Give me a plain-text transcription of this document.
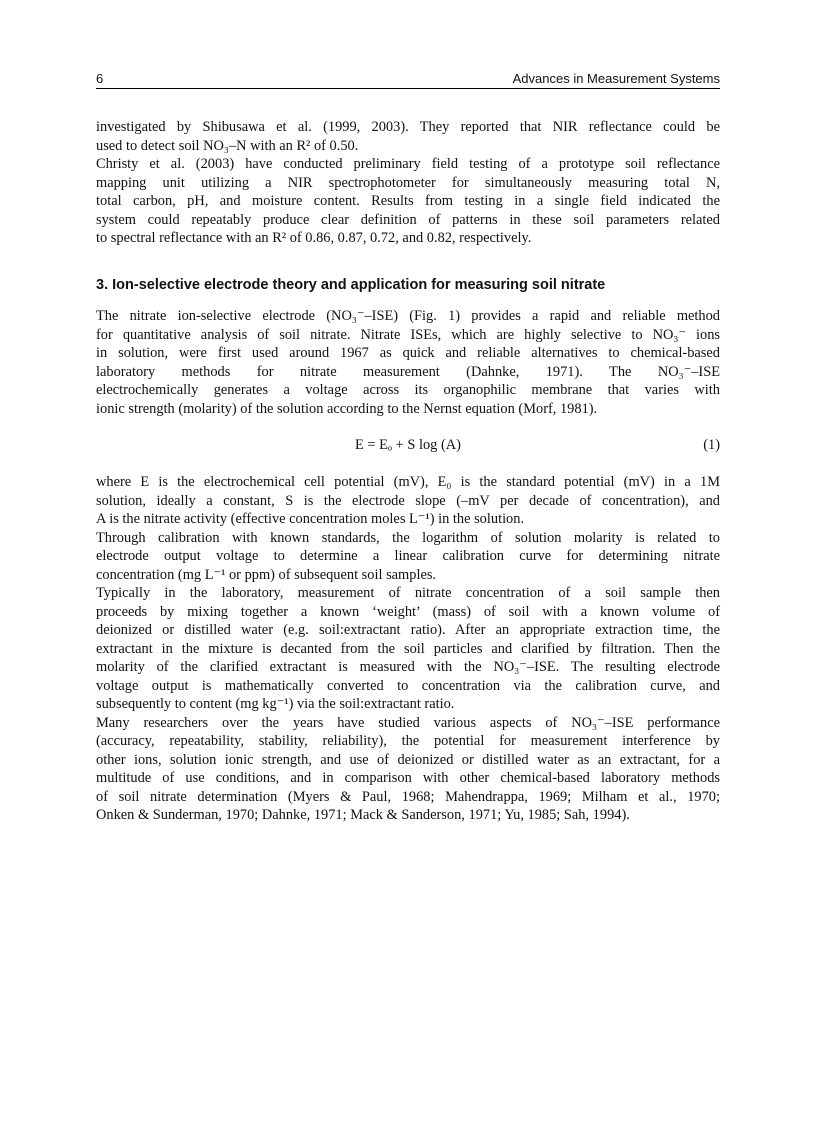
6	Advances in Measurement Systems
investigated by Shibusawa et al. (1999, 2003). They reported that NIR reflectance could be
used to detect soil NO₃–N with an R² of 0.50.
Christy et al. (2003) have conducted preliminary field testing of a prototype soil reflectance
mapping unit utilizing a NIR spectrophotometer for simultaneously measuring total N,
total carbon, pH, and moisture content. Results from testing in a single field indicated the
system could repeatably produce clear definition of patterns in these soil parameters related
to spectral reflectance with an R² of 0.86, 0.87, 0.72, and 0.82, respectively.
3. Ion-selective electrode theory and application for measuring soil nitrate
The nitrate ion-selective electrode (NO₃⁻–ISE) (Fig. 1) provides a rapid and reliable method
for quantitative analysis of soil nitrate. Nitrate ISEs, which are highly selective to NO₃⁻ ions
in solution, were first used around 1967 as quick and reliable alternatives to chemical-based
laboratory methods for nitrate measurement (Dahnke, 1971). The NO₃⁻–ISE
electrochemically generates a voltage across its organophilic membrane that varies with
ionic strength (molarity) of the solution according to the Nernst equation (Morf, 1981).
E = Eₒ + S log (A)	(1)
where E is the electrochemical cell potential (mV), E₀ is the standard potential (mV) in a 1M
solution, ideally a constant, S is the electrode slope (–mV per decade of concentration), and
A is the nitrate activity (effective concentration moles L⁻¹) in the solution.
Through calibration with known standards, the logarithm of solution molarity is related to
electrode output voltage to determine a linear calibration curve for determining nitrate
concentration (mg L⁻¹ or ppm) of subsequent soil samples.
Typically in the laboratory, measurement of nitrate concentration of a soil sample then
proceeds by mixing together a known ‘weight’ (mass) of soil with a known volume of
deionized or distilled water (e.g. soil:extractant ratio). After an appropriate extraction time, the
extractant in the mixture is decanted from the soil particles and clarified by filtration. Then the
molarity of the clarified extractant is measured with the NO₃⁻–ISE. The resulting electrode
voltage output is mathematically converted to concentration via the calibration curve, and
subsequently to content (mg kg⁻¹) via the soil:extractant ratio.
Many researchers over the years have studied various aspects of NO₃⁻–ISE performance
(accuracy, repeatability, stability, reliability), the potential for measurement interference by
other ions, solution ionic strength, and use of deionized or distilled water as an extractant, for a
multitude of use conditions, and in comparison with other chemical-based laboratory methods
of soil nitrate determination (Myers & Paul, 1968; Mahendrappa, 1969; Milham et al., 1970;
Onken & Sunderman, 1970; Dahnke, 1971; Mack & Sanderson, 1971; Yu, 1985; Sah, 1994).
